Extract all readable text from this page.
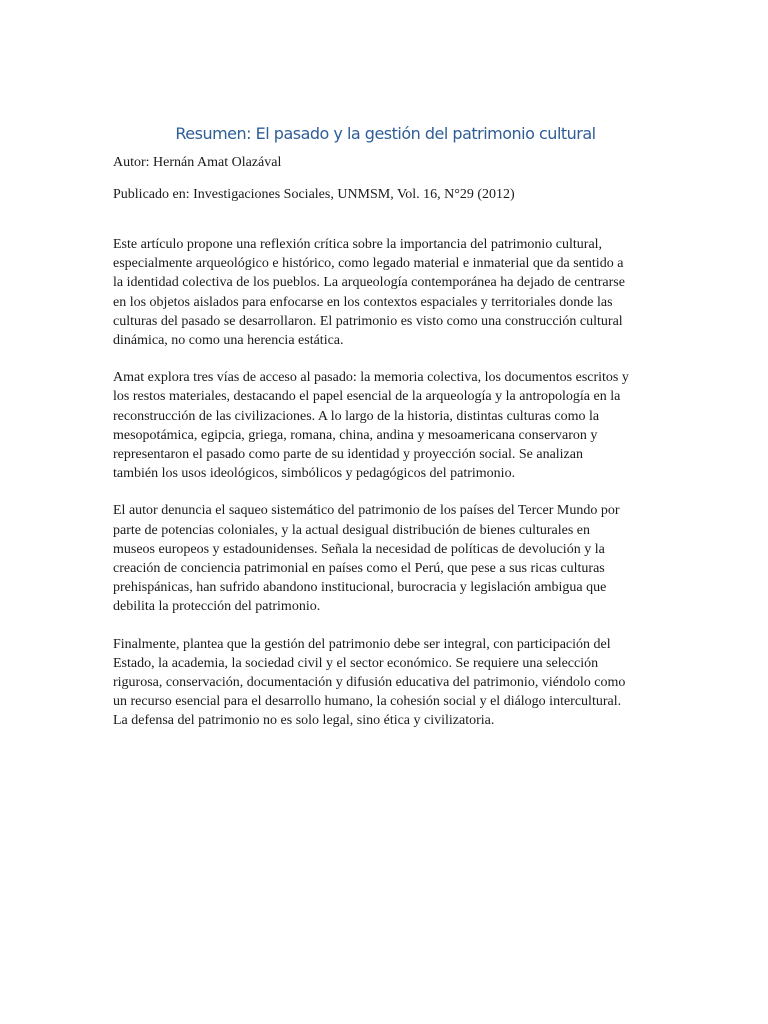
Resumen: El pasado y la gestión del patrimonio cultural

Autor: Hernán Amat Olazával

Publicado en: Investigaciones Sociales, UNMSM, Vol. 16, N°29 (2012)

Este artículo propone una reflexión crítica sobre la importancia del patrimonio cultural,
especialmente arqueológico e histórico, como legado material e inmaterial que da sentido a
la identidad colectiva de los pueblos. La arqueología contemporánea ha dejado de centrarse
en los objetos aislados para enfocarse en los contextos espaciales y territoriales donde las
culturas del pasado se desarrollaron. El patrimonio es visto como una construcción cultural
dinámica, no como una herencia estática.

Amat explora tres vías de acceso al pasado: la memoria colectiva, los documentos escritos y
los restos materiales, destacando el papel esencial de la arqueología y la antropología en la
reconstrucción de las civilizaciones. A lo largo de la historia, distintas culturas como la
mesopotámica, egipcia, griega, romana, china, andina y mesoamericana conservaron y
representaron el pasado como parte de su identidad y proyección social. Se analizan
también los usos ideológicos, simbólicos y pedagógicos del patrimonio.

El autor denuncia el saqueo sistemático del patrimonio de los países del Tercer Mundo por
parte de potencias coloniales, y la actual desigual distribución de bienes culturales en
museos europeos y estadounidenses. Señala la necesidad de políticas de devolución y la
creación de conciencia patrimonial en países como el Perú, que pese a sus ricas culturas
prehispánicas, han sufrido abandono institucional, burocracia y legislación ambigua que
debilita la protección del patrimonio.

Finalmente, plantea que la gestión del patrimonio debe ser integral, con participación del
Estado, la academia, la sociedad civil y el sector económico. Se requiere una selección
rigurosa, conservación, documentación y difusión educativa del patrimonio, viéndolo como
un recurso esencial para el desarrollo humano, la cohesión social y el diálogo intercultural.
La defensa del patrimonio no es solo legal, sino ética y civilizatoria.
